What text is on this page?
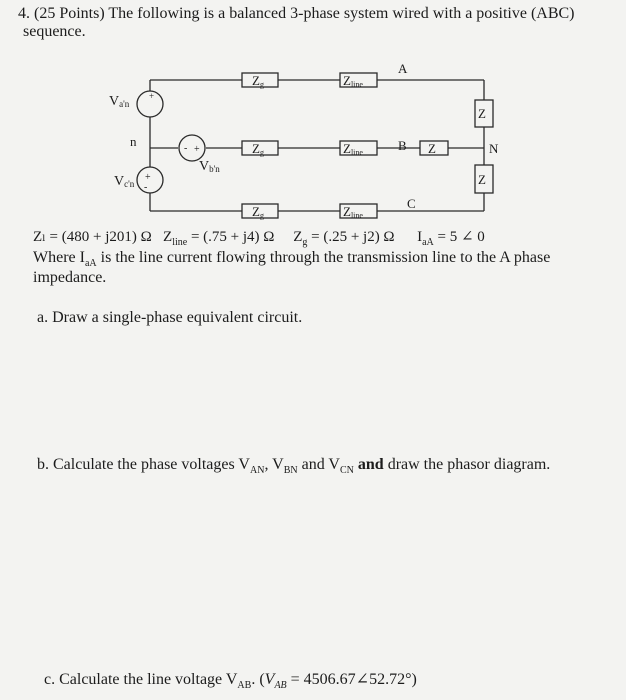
4. (25 Points) The following is a balanced 3-phase system wired with a positive (ABC)
sequence.
+
- +
+
-
Va'n
Vb'n
Vc'n
n
Zg	Zline
A
Zg	Zline	B Z	N
Z
Z
Zg	Zline
C
Zₗ = (480 + j201) Ω $Z_{line} = (.75 + j4)$ Ω $Z_g = (.25 + j2)$ Ω $I_{aA} = 5$ ∠ 0
Where $I_{aA}$ is the line current flowing through the transmission line to the A phase
impedance.
a. Draw a single-phase equivalent circuit.
b. Calculate the phase voltages $V_{AN}$, $V_{BN}$ and $V_{CN}$ and draw the phasor diagram.
c. Calculate the line voltage $V_{AB}$. ($V_{AB}$ = 4506.67∠52.72°)
